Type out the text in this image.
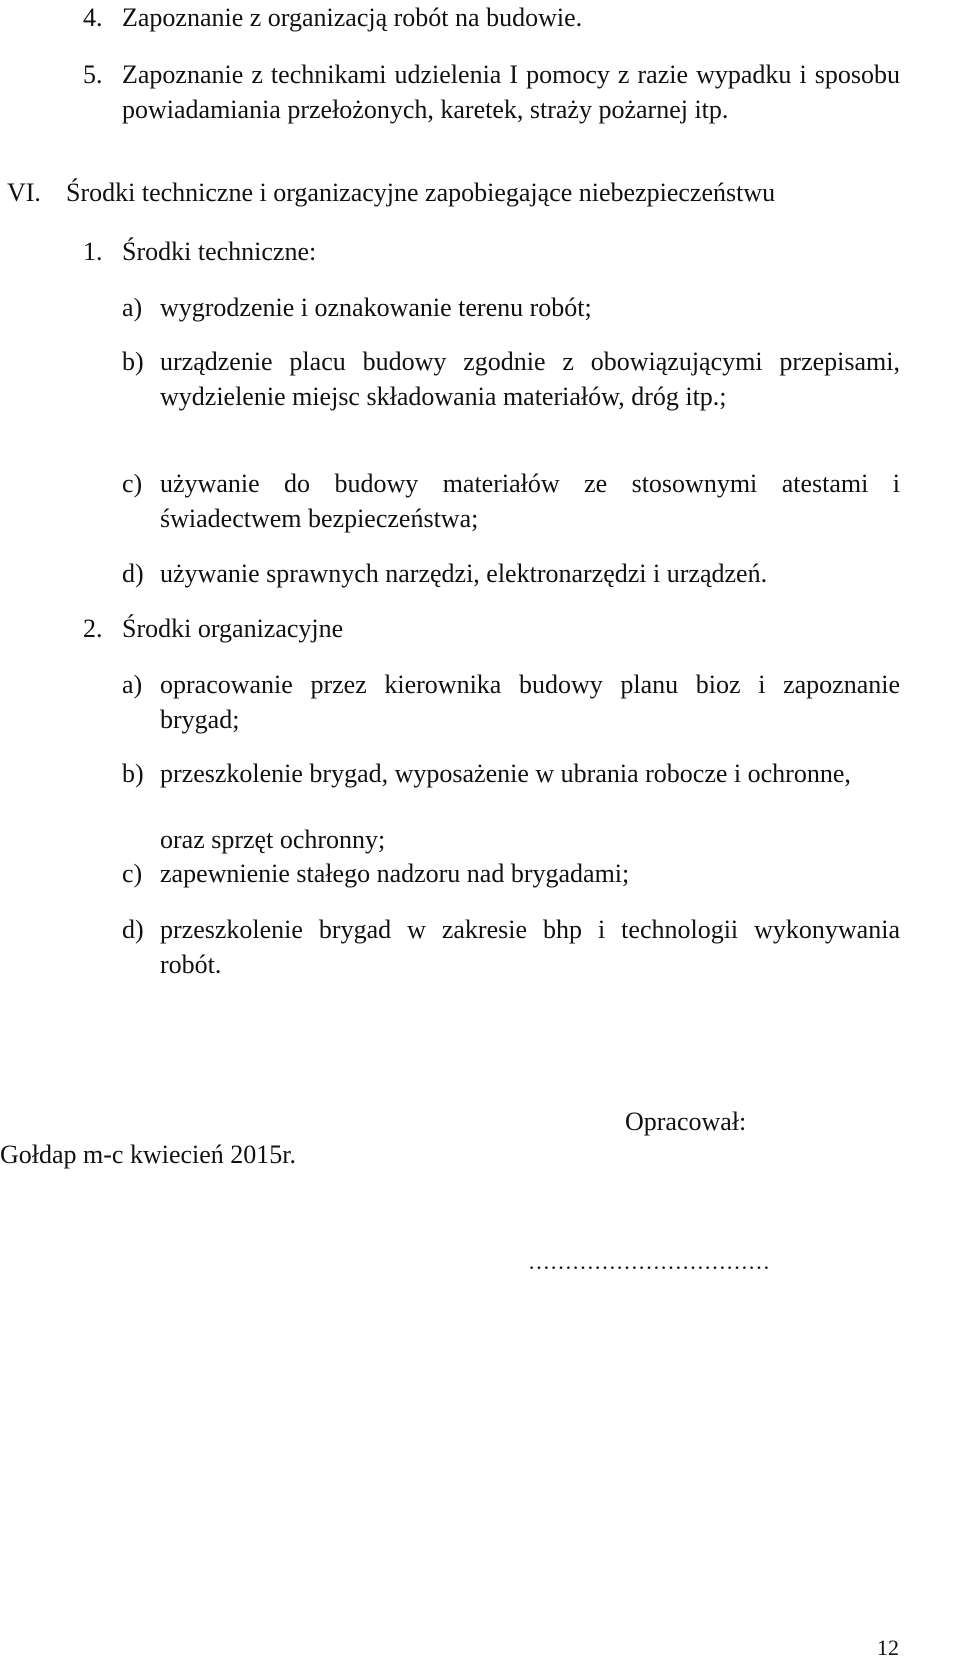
4. Zapoznanie z organizacją robót na budowie.
5. Zapoznanie z technikami udzielenia I pomocy z razie wypadku i sposobu powiadamiania przełożonych, karetek, straży pożarnej itp.
VI. Środki techniczne i organizacyjne zapobiegające niebezpieczeństwu
1. Środki techniczne:
a) wygrodzenie i oznakowanie terenu robót;
b) urządzenie placu budowy zgodnie z obowiązującymi przepisami, wydzielenie miejsc składowania materiałów, dróg itp.;
c) używanie do budowy materiałów ze stosownymi atestami i świadectwem bezpieczeństwa;
d) używanie sprawnych narzędzi, elektronarzędzi i urządzeń.
2. Środki organizacyjne
a) opracowanie przez kierownika budowy planu bioz i zapoznanie brygad;
b) przeszkolenie brygad, wyposażenie w ubrania robocze i ochronne,
oraz sprzęt ochronny;
c) zapewnienie stałego nadzoru nad brygadami;
d) przeszkolenie brygad w zakresie bhp i technologii wykonywania robót.
Opracował:
Gołdap m-c kwiecień 2015r.
……………………………
12
